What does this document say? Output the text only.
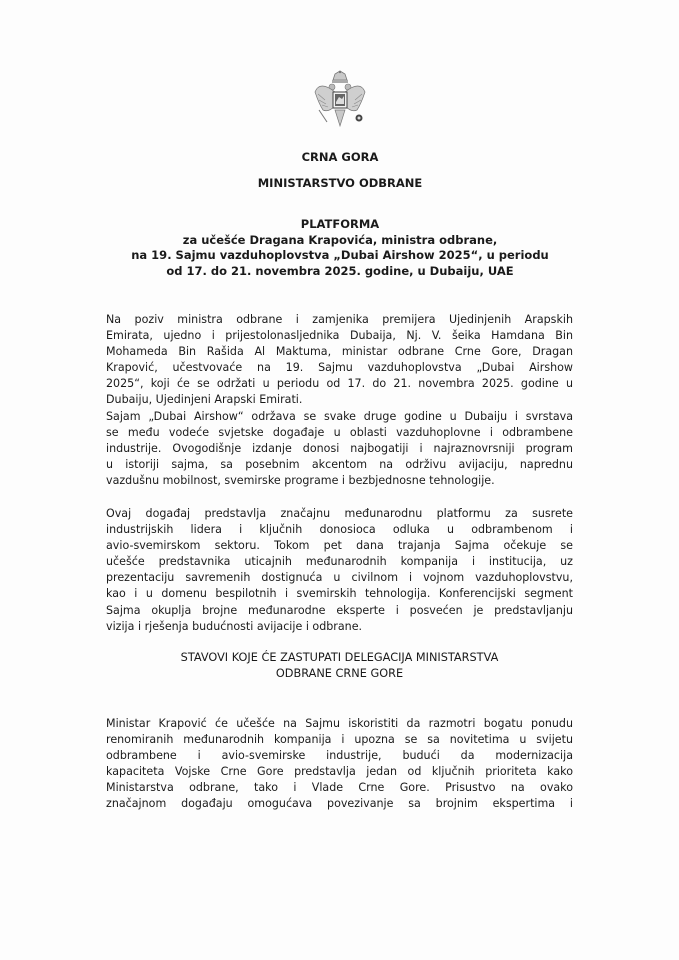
CRNA GORA
MINISTARSTVO ODBRANE
PLATFORMA
za učešće Dragana Krapovića, ministra odbrane,
na 19. Sajmu vazduhoplovstva „Dubai Airshow 2025“, u periodu
od 17. do 21. novembra 2025. godine, u Dubaiju, UAE
Na poziv ministra odbrane i zamjenika premijera Ujedinjenih Arapskih
Emirata, ujedno i prijestolonasljednika Dubaija, Nj. V. šeika Hamdana Bin
Mohameda Bin Rašida Al Maktuma, ministar odbrane Crne Gore, Dragan
Krapović, učestvovaće na 19. Sajmu vazduhoplovstva „Dubai Airshow
2025“, koji će se održati u periodu od 17. do 21. novembra 2025. godine u
Dubaiju, Ujedinjeni Arapski Emirati.
Sajam „Dubai Airshow“ održava se svake druge godine u Dubaiju i svrstava
se među vodeće svjetske događaje u oblasti vazduhoplovne i odbrambene
industrije. Ovogodišnje izdanje donosi najbogatiji i najraznovrsniji program
u istoriji sajma, sa posebnim akcentom na održivu avijaciju, naprednu
vazdušnu mobilnost, svemirske programe i bezbjednosne tehnologije.
Ovaj događaj predstavlja značajnu međunarodnu platformu za susrete
industrijskih lidera i ključnih donosioca odluka u odbrambenom i
avio-svemirskom sektoru. Tokom pet dana trajanja Sajma očekuje se
učešće predstavnika uticajnih međunarodnih kompanija i institucija, uz
prezentaciju savremenih dostignuća u civilnom i vojnom vazduhoplovstvu,
kao i u domenu bespilotnih i svemirskih tehnologija. Konferencijski segment
Sajma okuplja brojne međunarodne eksperte i posvećen je predstavljanju
vizija i rješenja budućnosti avijacije i odbrane.
STAVOVI KOJE ĆE ZASTUPATI DELEGACIJA MINISTARSTVA
ODBRANE CRNE GORE
Ministar Krapović će učešće na Sajmu iskoristiti da razmotri bogatu ponudu
renomiranih međunarodnih kompanija i upozna se sa novitetima u svijetu
odbrambene i avio-svemirske industrije, budući da modernizacija
kapaciteta Vojske Crne Gore predstavlja jedan od ključnih prioriteta kako
Ministarstva odbrane, tako i Vlade Crne Gore. Prisustvo na ovako
značajnom događaju omogućava povezivanje sa brojnim ekspertima i
